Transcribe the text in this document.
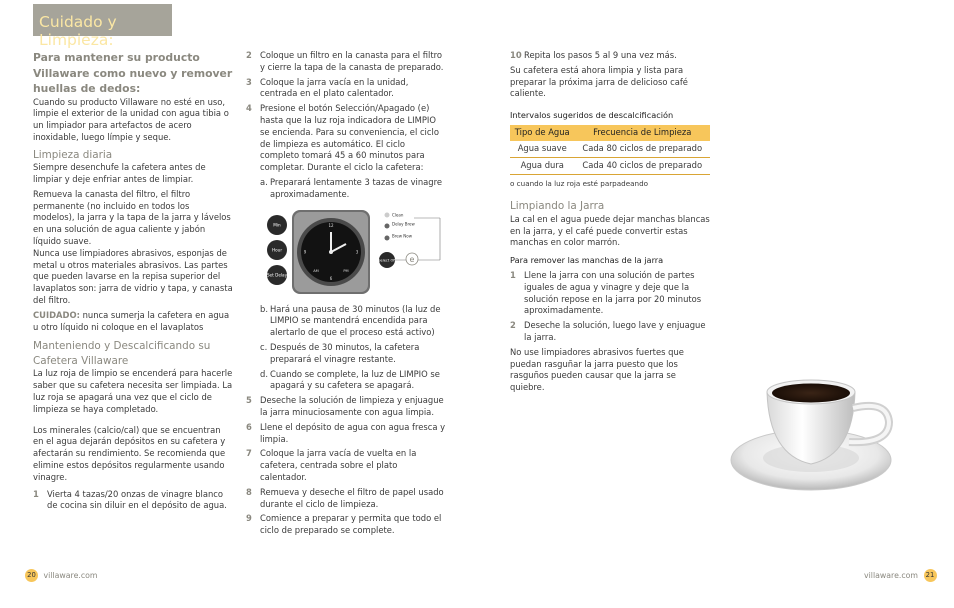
Cuidado y Limpieza:
Para mantener su producto Villaware como nuevo y remover huellas de dedos:

Cuando su producto Villaware no esté en uso, limpie el exterior de la unidad con agua tibia o un limpiador para artefactos de acero inoxidable, luego límpie y seque.

Limpieza diaria

Siempre desenchufe la cafetera antes de limpiar y deje enfriar antes de limpiar.

Remueva la canasta del filtro, el filtro permanente (no incluido en todos los modelos), la jarra y la tapa de la jarra y lávelos en una solución de agua caliente y jabón líquido suave.

Nunca use limpiadores abrasivos, esponjas de metal u otros materiales abrasivos. Las partes que pueden lavarse en la repisa superior del lavaplatos son: jarra de vidrio y tapa, y canasta del filtro.

CUIDADO: nunca sumerja la cafetera en agua u otro líquido ni coloque en el lavaplatos

Manteniendo y Descalcificando su Cafetera Villaware

La luz roja de limpio se encenderá para hacerle saber que su cafetera necesita ser limpiada. La luz roja se apagará una vez que el ciclo de limpieza se haya completado.

Los minerales (calcio/cal) que se encuentran en el agua dejarán depósitos en su cafetera y afectarán su rendimiento. Se recomienda que elimine estos depósitos regularmente usando vinagre.

1 Vierta 4 tazas/20 onzas de vinagre blanco de cocina sin diluir en el depósito de agua.
2 Coloque un filtro en la canasta para el filtro y cierre la tapa de la canasta de preparado.
3 Coloque la jarra vacía en la unidad, centrada en el plato calentador.
4 Presione el botón Selección/Apagado (e) hasta que la luz roja indicadora de LIMPIO se encienda. Para su conveniencia, el ciclo de limpieza es automático. El ciclo completo tomará 45 a 60 minutos para completar. Durante el ciclo la cafetera:
a. Preparará lentamente 3 tazas de vinagre aproximadamente.
Min
Hour
Set Delay
12
3
6
9
AM	PM
Clean
Delay Brew
Brew Now
Select Off e
b. Hará una pausa de 30 minutos (la luz de LIMPIO se mantendrá encendida para alertarlo de que el proceso está activo)
c. Después de 30 minutos, la cafetera preparará el vinagre restante.
d. Cuando se complete, la luz de LIMPIO se apagará y su cafetera se apagará.
5 Deseche la solución de limpieza y enjuague la jarra minuciosamente con agua limpia.
6 Llene el depósito de agua con agua fresca y limpia.
7 Coloque la jarra vacía de vuelta en la cafetera, centrada sobre el plato calentador.
8 Remueva y deseche el filtro de papel usado durante el ciclo de limpieza.
9 Comience a preparar y permita que todo el ciclo de preparado se complete.
10 Repita los pasos 5 al 9 una vez más.

Su cafetera está ahora limpia y lista para preparar la próxima jarra de delicioso café caliente.

Intervalos sugeridos de descalcificación

Tipo de Agua	Frecuencia de Limpieza
Agua suave	Cada 80 ciclos de preparado
Agua dura	Cada 40 ciclos de preparado

o cuando la luz roja esté parpadeando

Limpiando la Jarra

La cal en el agua puede dejar manchas blancas en la jarra, y el café puede convertir estas manchas en color marrón.

Para remover las manchas de la jarra

1 Llene la jarra con una solución de partes iguales de agua y vinagre y deje que la solución repose en la jarra por 20 minutos aproximadamente.
2 Deseche la solución, luego lave y enjuague la jarra.

No use limpiadores abrasivos fuertes que puedan rasguñar la jarra puesto que los rasguños pueden causar que la jarra se quiebre.

20 villaware.com	villaware.com 21
